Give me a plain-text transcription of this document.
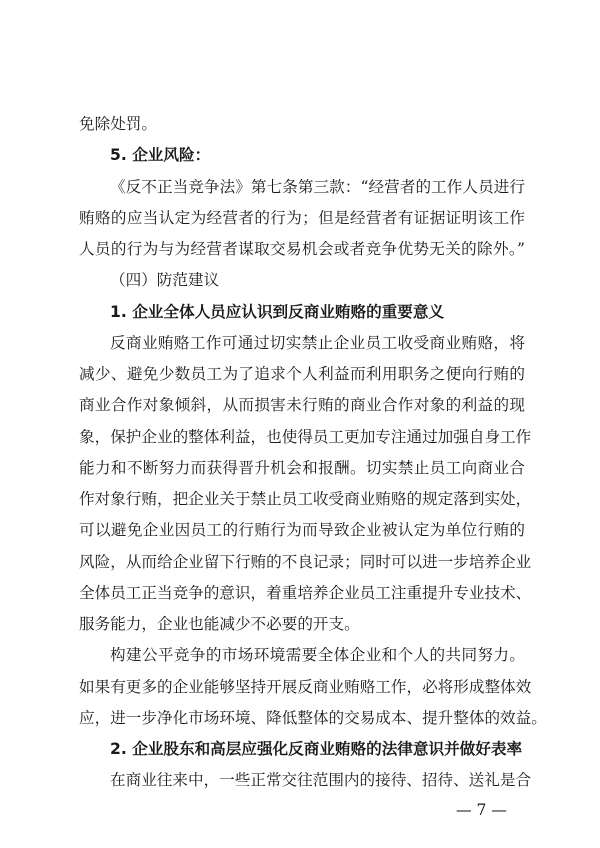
免除处罚。
5. 企业风险：
《反不正当竞争法》第七条第三款：“经营者的工作人员进行
贿赂的应当认定为经营者的行为；但是经营者有证据证明该工作
人员的行为与为经营者谋取交易机会或者竞争优势无关的除外。”
（四）防范建议
1. 企业全体人员应认识到反商业贿赂的重要意义
反商业贿赂工作可通过切实禁止企业员工收受商业贿赂，将
减少、避免少数员工为了追求个人利益而利用职务之便向行贿的
商业合作对象倾斜，从而损害未行贿的商业合作对象的利益的现
象，保护企业的整体利益，也使得员工更加专注通过加强自身工作
能力和不断努力而获得晋升机会和报酬。切实禁止员工向商业合
作对象行贿，把企业关于禁止员工收受商业贿赂的规定落到实处，
可以避免企业因员工的行贿行为而导致企业被认定为单位行贿的
风险，从而给企业留下行贿的不良记录；同时可以进一步培养企业
全体员工正当竞争的意识，着重培养企业员工注重提升专业技术、
服务能力，企业也能减少不必要的开支。
构建公平竞争的市场环境需要全体企业和个人的共同努力。
如果有更多的企业能够坚持开展反商业贿赂工作，必将形成整体效
应，进一步净化市场环境、降低整体的交易成本、提升整体的效益。
2. 企业股东和高层应强化反商业贿赂的法律意识并做好表率
在商业往来中，一些正常交往范围内的接待、招待、送礼是合
— 7 —
